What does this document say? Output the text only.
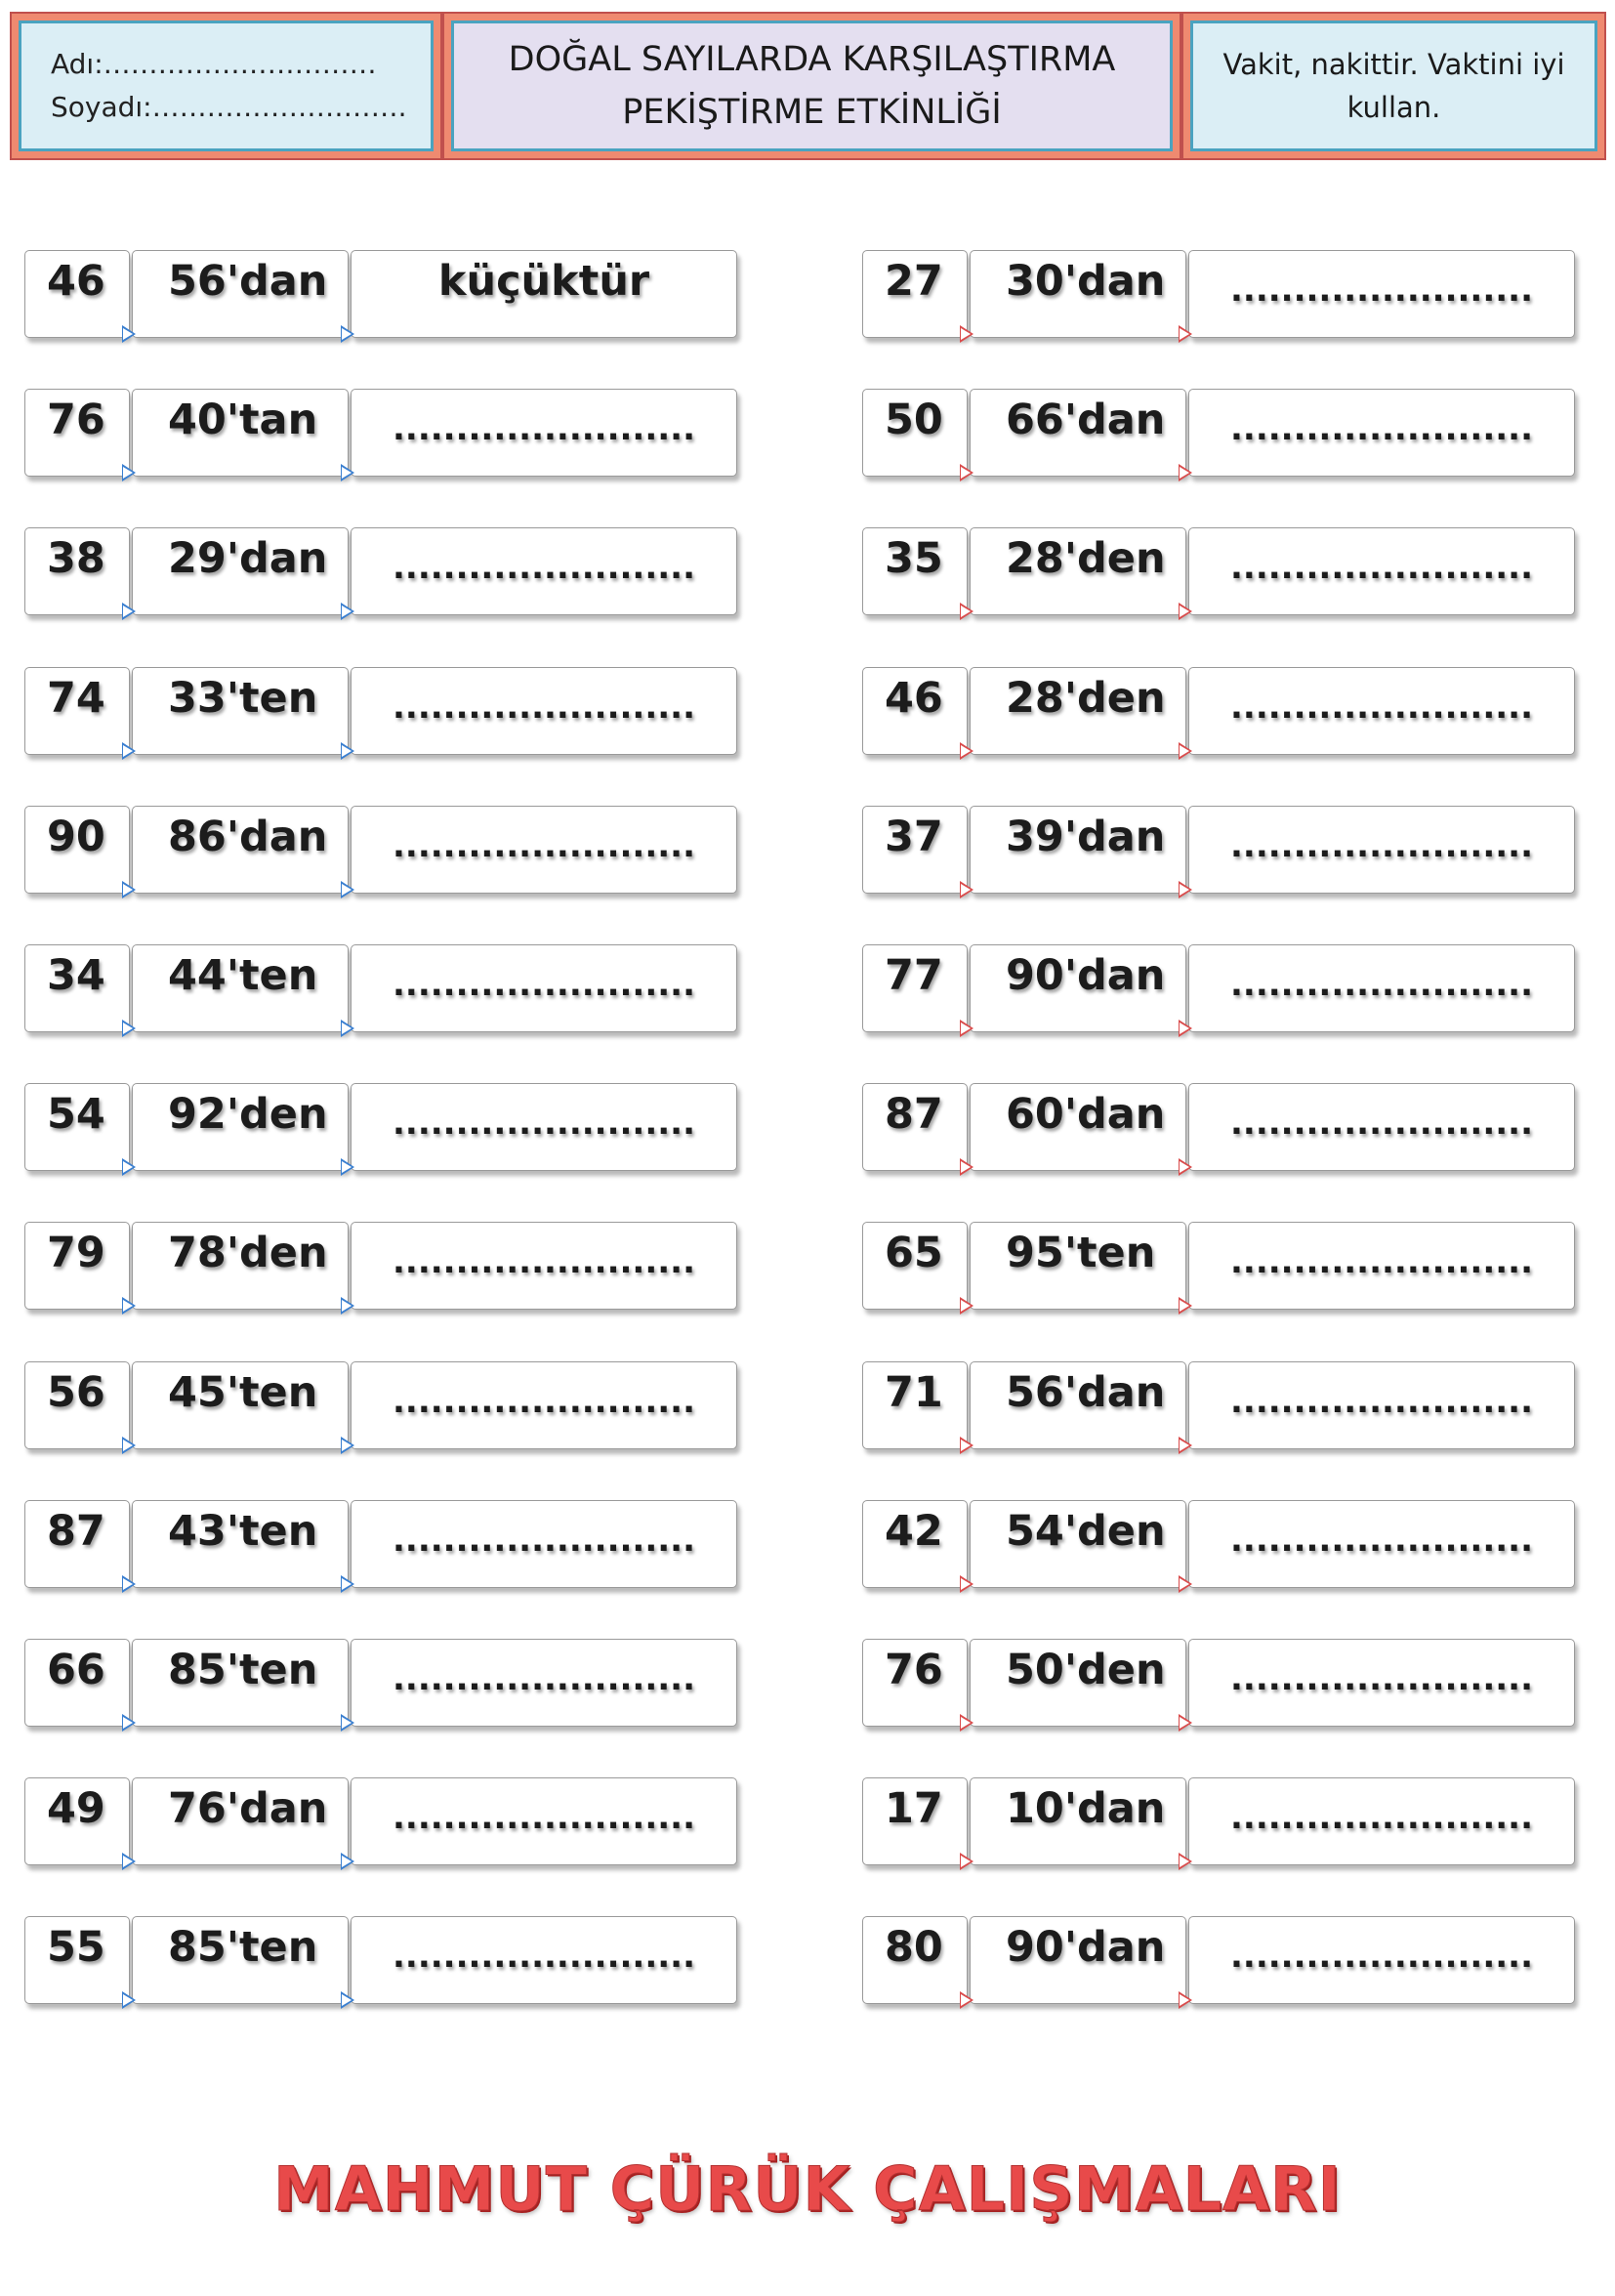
Adı:…………………………
Soyadı:……………………….
DOĞAL SAYILARDA KARŞILAŞTIRMA
PEKİŞTİRME ETKİNLİĞİ
Vakit, nakittir. Vaktini iyi
kullan.
46 56'dan	küçüktür
76 40'tan	........................
38 29'dan	........................
74 33'ten	........................
90 86'dan	........................
34 44'ten	........................
54 92'den	........................
79 78'den	........................
56 45'ten	........................
87 43'ten	........................
66 85'ten	........................
49 76'dan	........................
55 85'ten	........................
27 30'dan	........................
50 66'dan	........................
35 28'den	........................
46 28'den	........................
37 39'dan	........................
77 90'dan	........................
87 60'dan	........................
65 95'ten	........................
71 56'dan	........................
42 54'den	........................
76 50'den	........................
17 10'dan	........................
80 90'dan	........................
MAHMUT ÇÜRÜK ÇALIŞMALARI
